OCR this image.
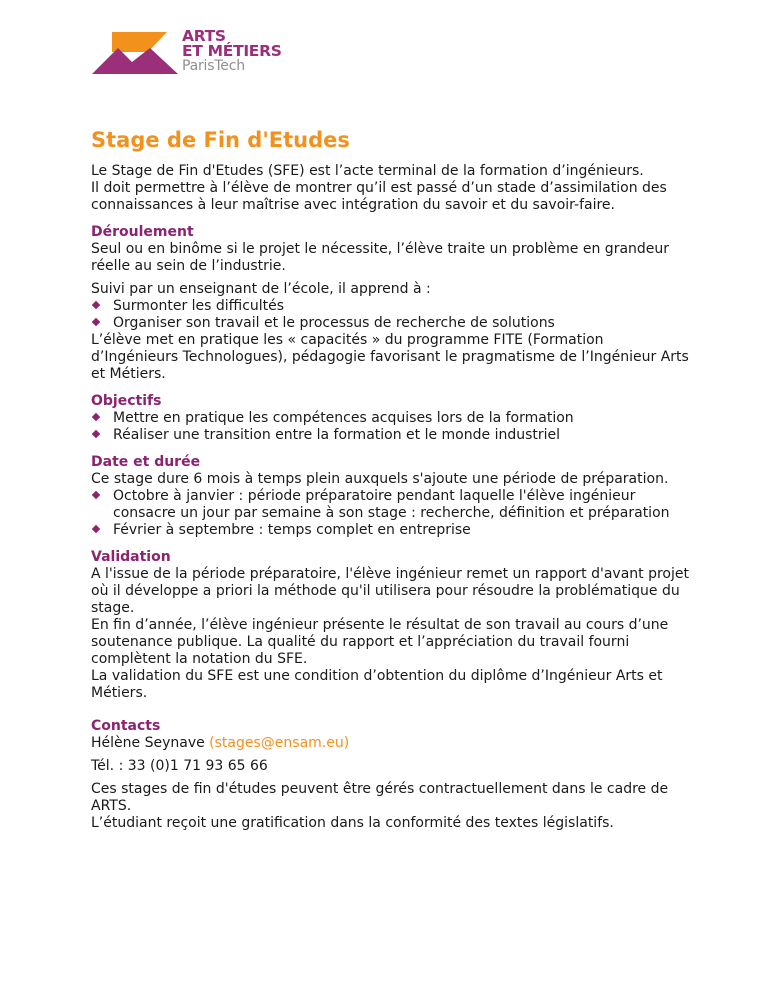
ARTS
ET MÉTIERS
ParisTech
Stage de Fin d'Etudes

Le Stage de Fin d'Etudes (SFE) est l’acte terminal de la formation d’ingénieurs.

Il doit permettre à l’élève de montrer qu’il est passé d’un stade d’assimilation des connaissances à leur maîtrise avec intégration du savoir et du savoir-faire.

Déroulement

Seul ou en binôme si le projet le nécessite, l’élève traite un problème en grandeur réelle au sein de l’industrie.

Suivi par un enseignant de l’école, il apprend à :

Surmonter les difficultés
Organiser son travail et le processus de recherche de solutions

L’élève met en pratique les « capacités » du programme FITE (Formation d’Ingénieurs Technologues), pédagogie favorisant le pragmatisme de l’Ingénieur Arts et Métiers.

Objectifs
Mettre en pratique les compétences acquises lors de la formation
Réaliser une transition entre la formation et le monde industriel
Date et durée

Ce stage dure 6 mois à temps plein auxquels s'ajoute une période de préparation.

Octobre à janvier : période préparatoire pendant laquelle l'élève ingénieur consacre un jour par semaine à son stage : recherche, définition et préparation
Février à septembre : temps complet en entreprise
Validation

A l'issue de la période préparatoire, l'élève ingénieur remet un rapport d'avant projet où il développe a priori la méthode qu'il utilisera pour résoudre la problématique du stage.

En fin d’année, l’élève ingénieur présente le résultat de son travail au cours d’une soutenance publique. La qualité du rapport et l’appréciation du travail fourni complètent la notation du SFE.

La validation du SFE est une condition d’obtention du diplôme d’Ingénieur Arts et Métiers.

Contacts

Hélène Seynave (stages@ensam.eu)

Tél. : 33 (0)1 71 93 65 66

Ces stages de fin d'études peuvent être gérés contractuellement dans le cadre de ARTS.

L’étudiant reçoit une gratification dans la conformité des textes législatifs.
